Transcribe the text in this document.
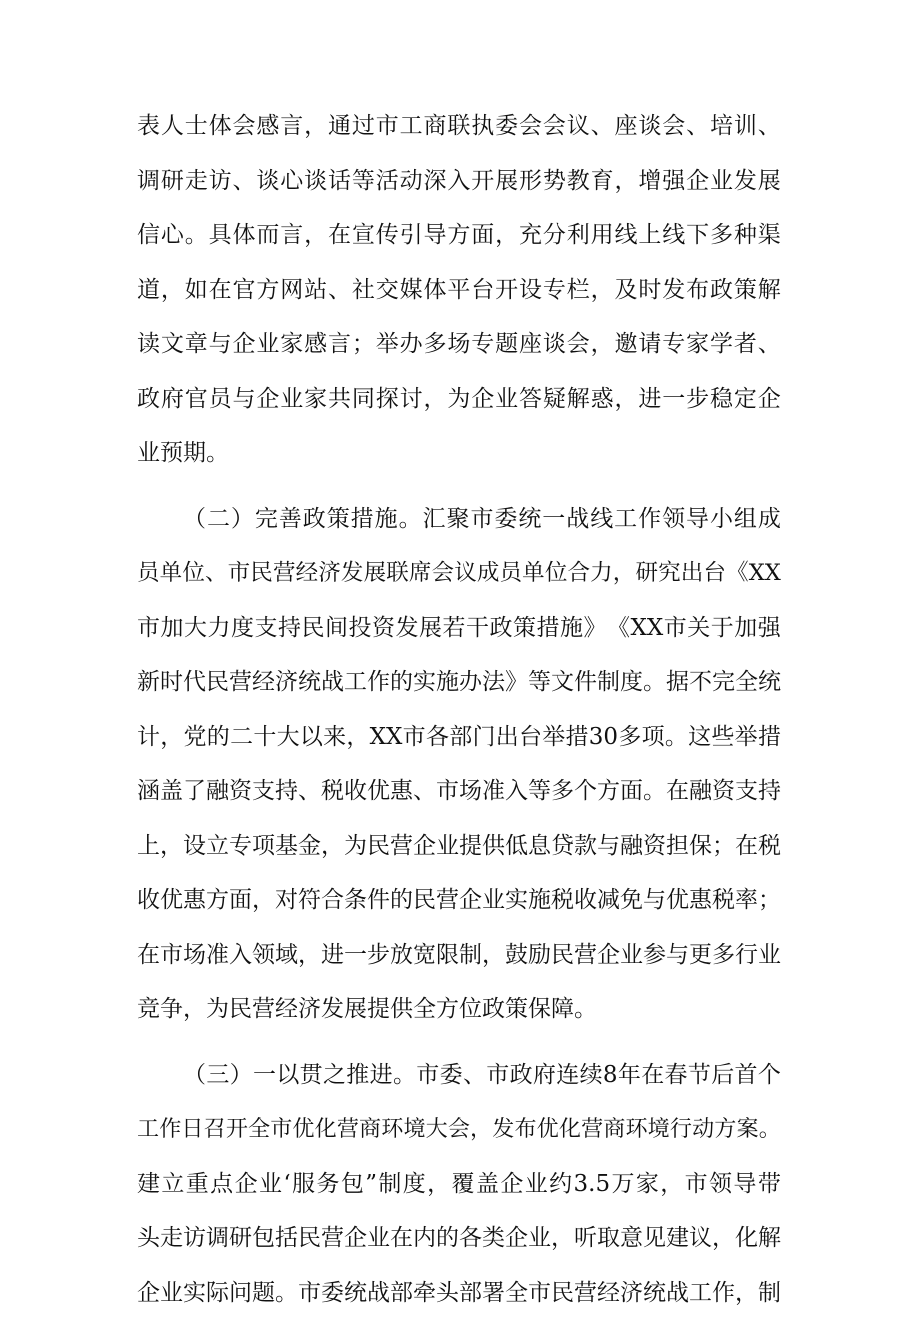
表 人 士 体 会 感 言 ， 通 过 市 工 商 联 执 委 会 会 议 、 座 谈 会 、 培 训 、
调 研 走 访 、 谈 心 谈 话 等 活 动 深 入 开 展 形 势 教 育 ， 增 强 企 业 发 展
信 心 。 具 体 而 言 ， 在 宣 传 引 导 方 面 ， 充 分 利 用 线 上 线 下 多 种 渠
道 ， 如 在 官 方 网 站 、 社 交 媒 体 平 台 开 设 专 栏 ， 及 时 发 布 政 策 解
读 文 章 与 企 业 家 感 言 ； 举 办 多 场 专 题 座 谈 会 ， 邀 请 专 家 学 者 、
政 府 官 员 与 企 业 家 共 同 探 讨 ， 为 企 业 答 疑 解 惑 ， 进 一 步 稳 定 企
业 预 期 。
（ 二 ） 完 善 政 策 措 施 。 汇 聚 市 委 统 一 战 线 工 作 领 导 小 组 成
员 单 位 、 市 民 营 经 济 发 展 联 席 会 议 成 员 单 位 合 力 ， 研 究 出 台 《 XX
市 加 大 力 度 支 持 民 间 投 资 发 展 若 干 政 策 措 施 》 《 XX 市 关 于 加 强
新 时 代 民 营 经 济 统 战 工 作 的 实 施 办 法 》 等 文 件 制 度 。 据 不 完 全 统
计 ， 党 的 二 十 大 以 来 ， XX 市 各 部 门 出 台 举 措 30 多 项 。 这 些 举 措
涵 盖 了 融 资 支 持 、 税 收 优 惠 、 市 场 准 入 等 多 个 方 面 。 在 融 资 支 持
上 ， 设 立 专 项 基 金 ， 为 民 营 企 业 提 供 低 息 贷 款 与 融 资 担 保 ； 在 税
收 优 惠 方 面 ， 对 符 合 条 件 的 民 营 企 业 实 施 税 收 减 免 与 优 惠 税 率 ；
在 市 场 准 入 领 域 ， 进 一 步 放 宽 限 制 ， 鼓 励 民 营 企 业 参 与 更 多 行 业
竞 争 ， 为 民 营 经 济 发 展 提 供 全 方 位 政 策 保 障 。
（ 三 ） 一 以 贯 之 推 进 。 市 委 、 市 政 府 连 续 8 年 在 春 节 后 首 个
工 作 日 召 开 全 市 优 化 营 商 环 境 大 会 ， 发 布 优 化 营 商 环 境 行 动 方 案 。
建 立 重 点 企 业 ‘ 服 务 包 ” 制 度 ， 覆 盖 企 业 约 3.5 万 家 ， 市 领 导 带
头 走 访 调 研 包 括 民 营 企 业 在 内 的 各 类 企 业 ， 听 取 意 见 建 议 ， 化 解
企 业 实 际 问 题 。 市 委 统 战 部 牵 头 部 署 全 市 民 营 经 济 统 战 工 作 ， 制
